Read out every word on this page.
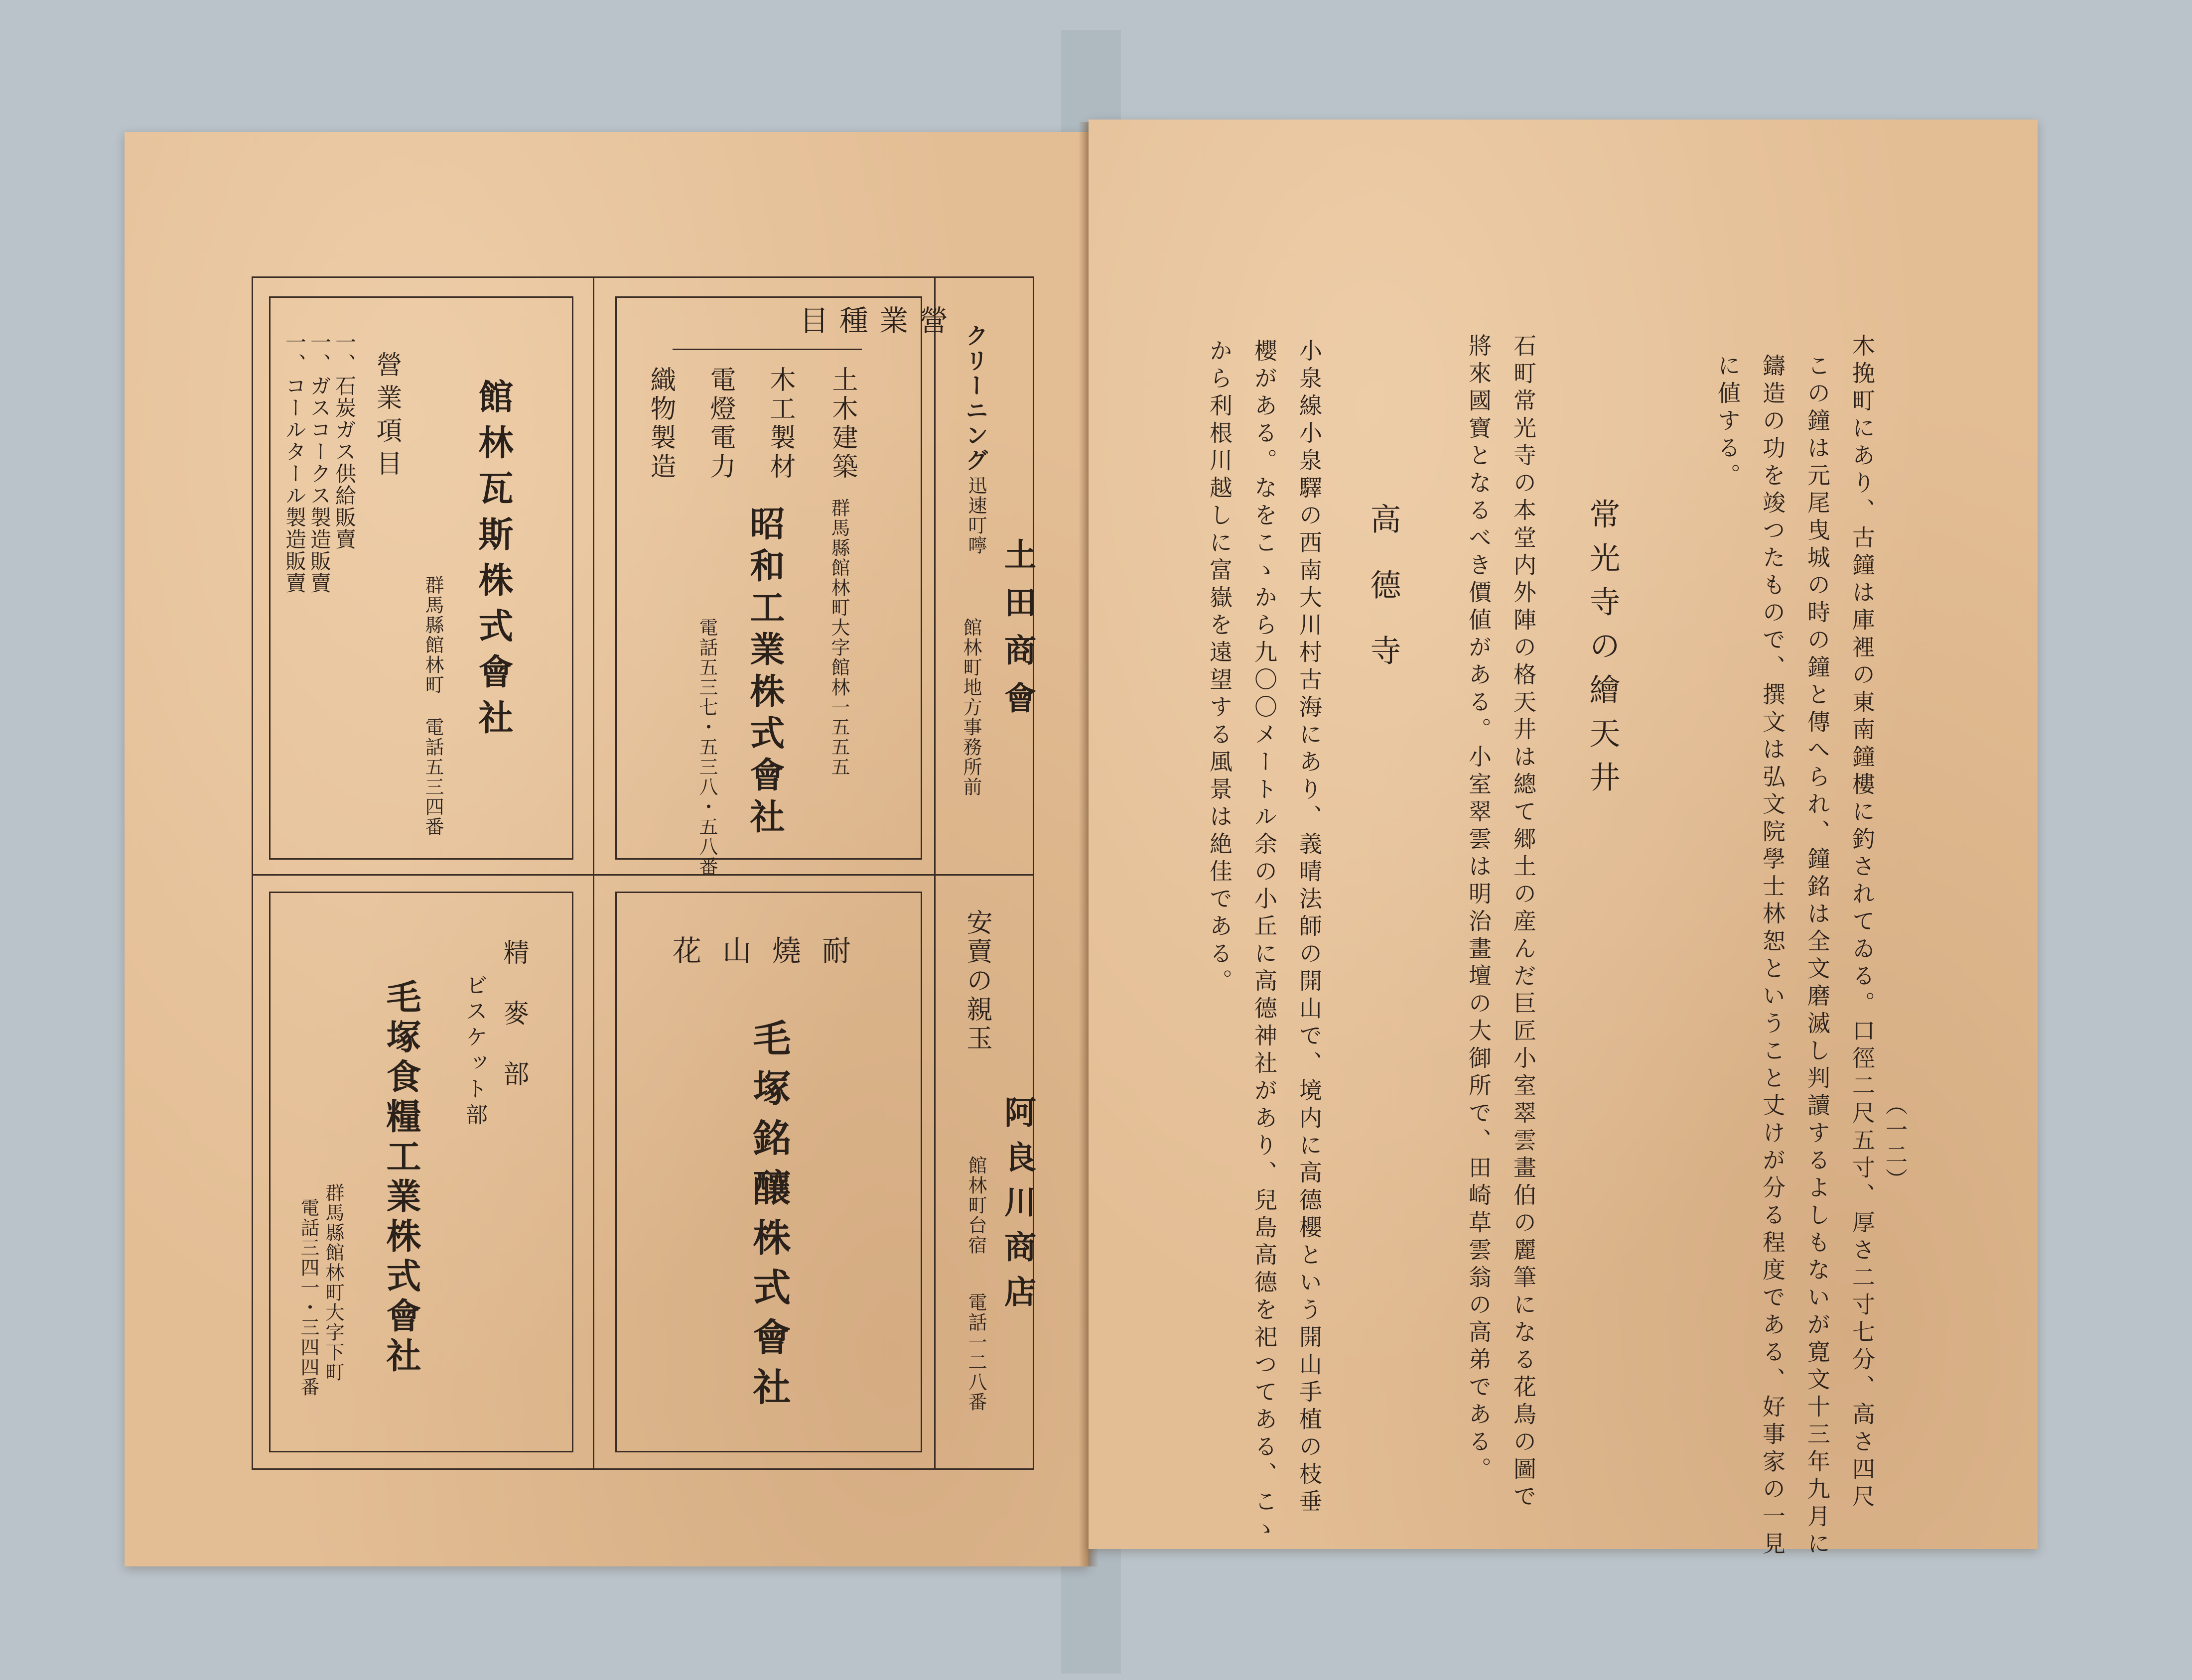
クリーニング
迅速叮嚀
土田商會
館林町地方事務所前
安賣の親玉
阿良川商店
館林町台宿
電話一二八番
營業種目
土木建築
木工製材
電燈電力
織物製造
群馬縣館林町大字館林一五五五
昭和工業株式會社
電話五三七・五三八・五八番
館林瓦斯株式會社
營業項目
一、石炭ガス供給販賣
一、ガスコークス製造販賣
一、コールタール製造販賣
群馬縣館林町
電話五三四番
耐燒山花
毛塚銘釀株式會社
精麥部
ビスケット部
毛塚食糧工業株式會社
群馬縣館林町大字下町
電話三四一・三四四番
（一二）
木挽町にあり、古鐘は庫裡の東南鐘樓に釣されてゐる。口徑二尺五寸、厚さ二寸七分、高さ四尺
この鐘は元尾曳城の時の鐘と傳へられ、鐘銘は全文磨滅し判讀するよしもないが寛文十三年九月に
鑄造の功を竣つたもので、撰文は弘文院學士林恕ということ丈けが分る程度である、好事家の一見
に値する。
常光寺の繪天井
石町常光寺の本堂内外陣の格天井は總て郷土の産んだ巨匠小室翠雲畫伯の麗筆になる花鳥の圖で
將來國寶となるべき價値がある。小室翠雲は明治畫壇の大御所で、田崎草雲翁の高弟である。
高德寺
小泉線小泉驛の西南大川村古海にあり、義晴法師の開山で、境内に高德櫻という開山手植の枝垂
櫻がある。なをこゝから九〇〇メートル余の小丘に高德神社があり、兒島高德を祀つてある、こゝ
から利根川越しに富嶽を遠望する風景は絶佳である。
